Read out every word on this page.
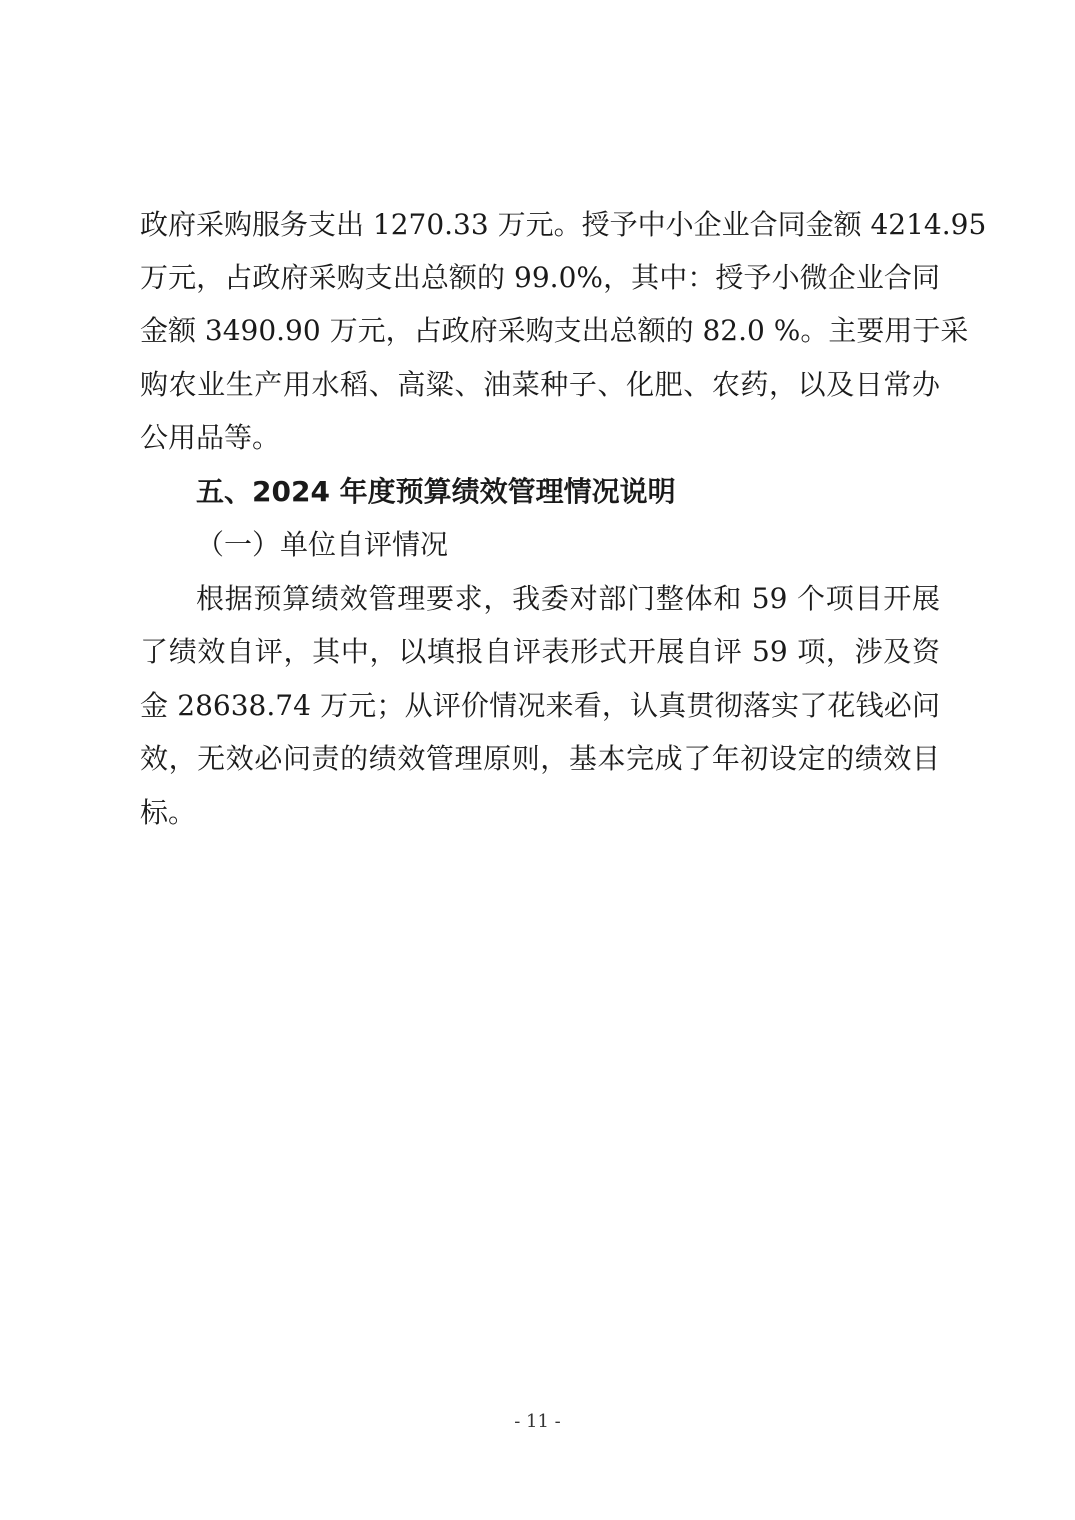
政府采购服务支出 1270.33 万元。授予中小企业合同金额 4214.95
万元，占政府采购支出总额的 99.0%，其中：授予小微企业合同
金额 3490.90 万元，占政府采购支出总额的 82.0 %。主要用于采
购农业生产用水稻、高粱、油菜种子、化肥、农药，以及日常办
公用品等。
五、2024 年度预算绩效管理情况说明
（一）单位自评情况
根据预算绩效管理要求，我委对部门整体和 59 个项目开展
了绩效自评，其中，以填报自评表形式开展自评 59 项，涉及资
金 28638.74 万元；从评价情况来看，认真贯彻落实了花钱必问
效，无效必问责的绩效管理原则，基本完成了年初设定的绩效目
标。
- 11 -
